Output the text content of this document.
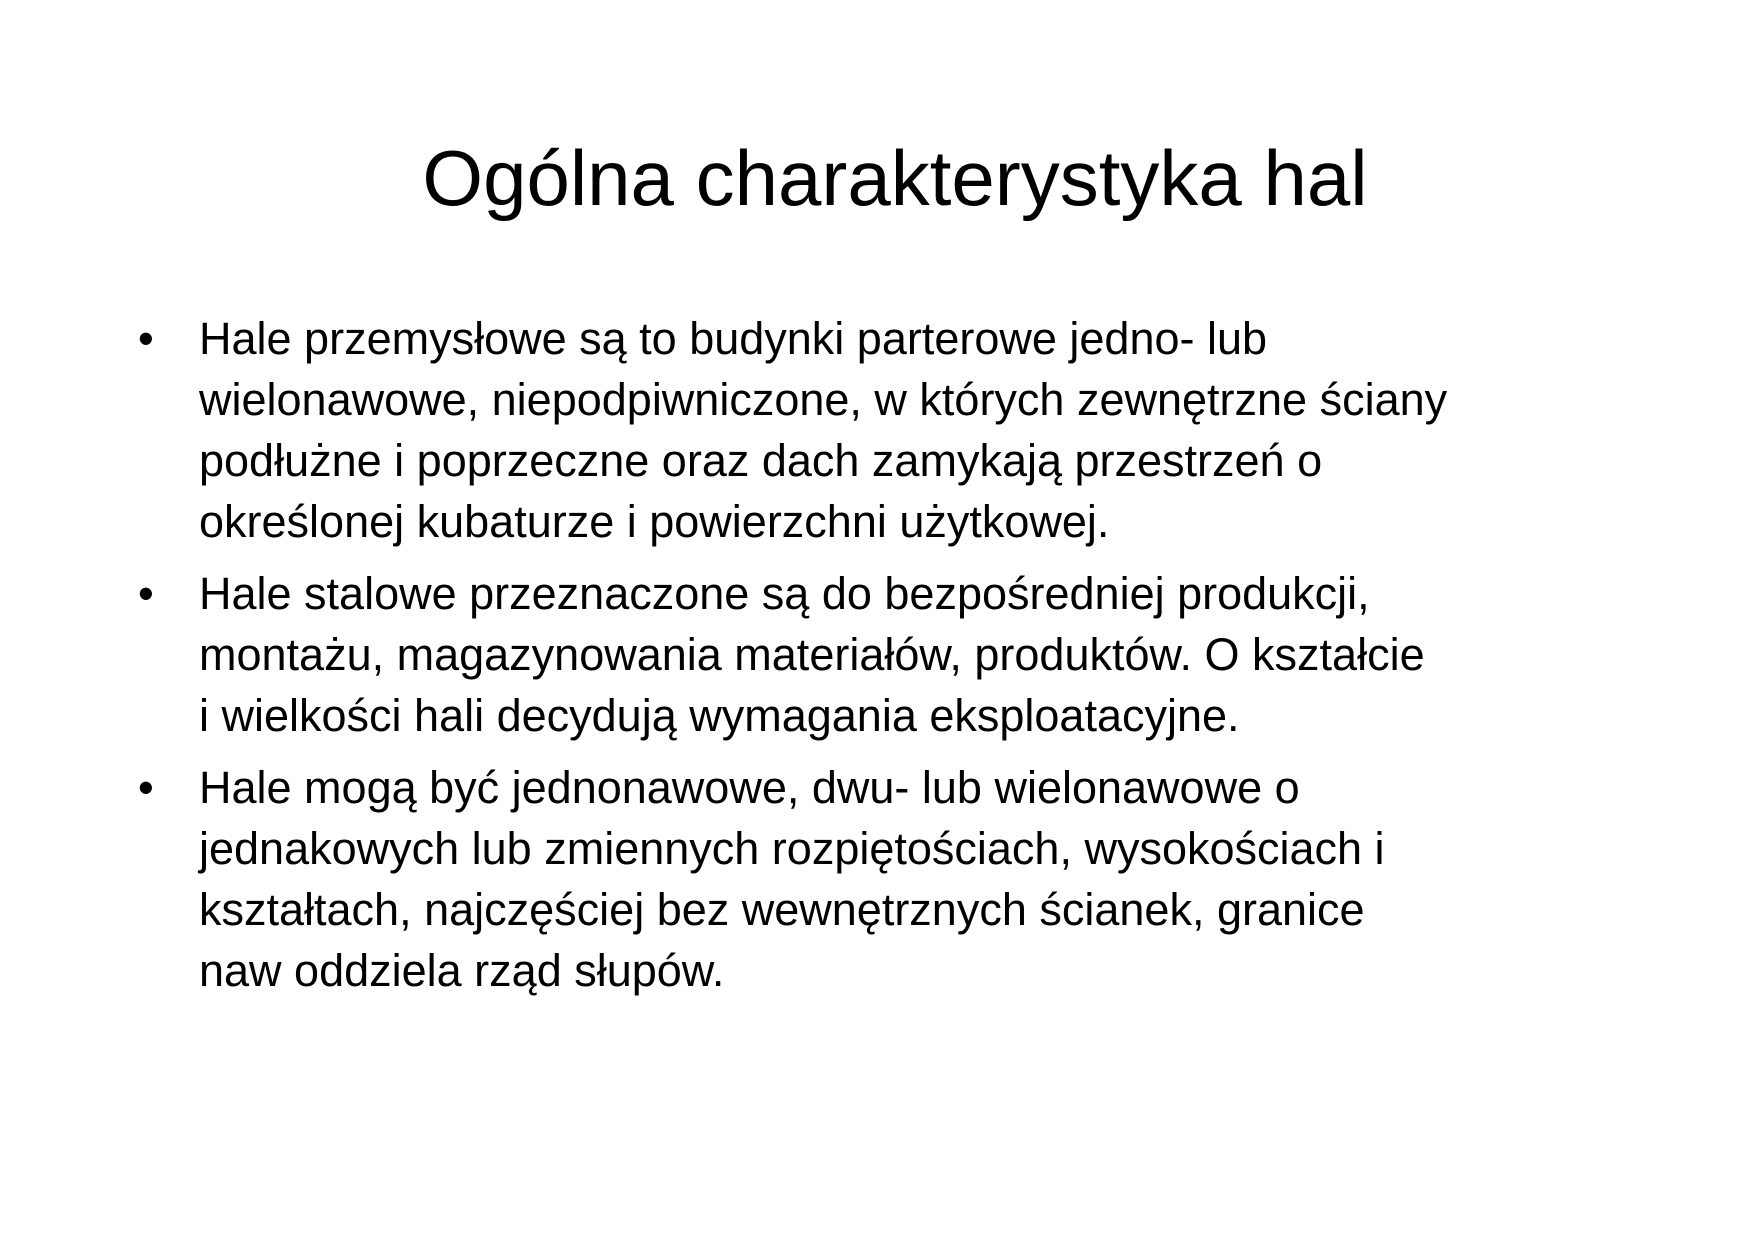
Ogólna charakterystyka hal
•	Hale przemysłowe są to budynki parterowe jedno- lub
wielonawowe, niepodpiwniczone, w których zewnętrzne ściany
podłużne i poprzeczne oraz dach zamykają przestrzeń o
określonej kubaturze i powierzchni użytkowej.
•	Hale stalowe przeznaczone są do bezpośredniej produkcji,
montażu, magazynowania materiałów, produktów. O kształcie
i wielkości hali decydują wymagania eksploatacyjne.
•	Hale mogą być jednonawowe, dwu- lub wielonawowe o
jednakowych lub zmiennych rozpiętościach, wysokościach i
kształtach, najczęściej bez wewnętrznych ścianek, granice
naw oddziela rząd słupów.
